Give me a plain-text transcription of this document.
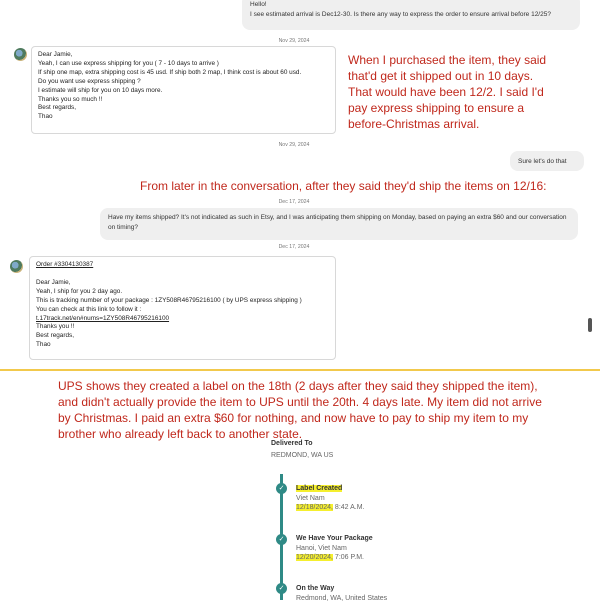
Hello!
I see estimated arrival is Dec12-30. Is there any way to express the order to ensure arrival before 12/25?
Nov 29, 2024
Dear Jamie,
Yeah, I can use express shipping for you ( 7 - 10 days to arrive )
If ship one map, extra shipping cost is 45 usd. If ship both 2 map, I think cost is about 60 usd.
Do you want use express shipping ?
I estimate will ship for you on 10 days more.
Thanks you so much !!
Best regards,
Thao
When I purchased the item, they said that'd get it shipped out in 10 days. That would have been 12/2. I said I'd pay express shipping to ensure a before-Christmas arrival.
Nov 29, 2024
Sure let's do that
From later in the conversation, after they said they'd ship the items on 12/16:
Dec 17, 2024
Have my items shipped? It's not indicated as such in Etsy, and I was anticipating them shipping on Monday, based on paying an extra $60 and our conversation on timing?
Dec 17, 2024
Order #3304130387
Dear Jamie,
Yeah, I ship for you 2 day ago.
This is tracking number of your package : 1ZY508R46795216100 ( by UPS express shipping )
You can check at this link to follow it :
t.17track.net/en#nums=1ZY508R46795216100
Thanks you !!
Best regards,
Thao
UPS shows they created a label on the 18th (2 days after they said they shipped the item), and didn't actually provide the item to UPS until the 20th. 4 days late. My item did not arrive by Christmas. I paid an extra $60 for nothing, and now have to pay to ship my item to my brother who already left back to another state.
Delivered To
REDMOND, WA US
✓	Label Created
Viet Nam
12/18/2024, 8:42 A.M.
✓	We Have Your Package
Hanoi, Viet Nam
12/20/2024, 7:06 P.M.
✓	On the Way
Redmond, WA, United States
